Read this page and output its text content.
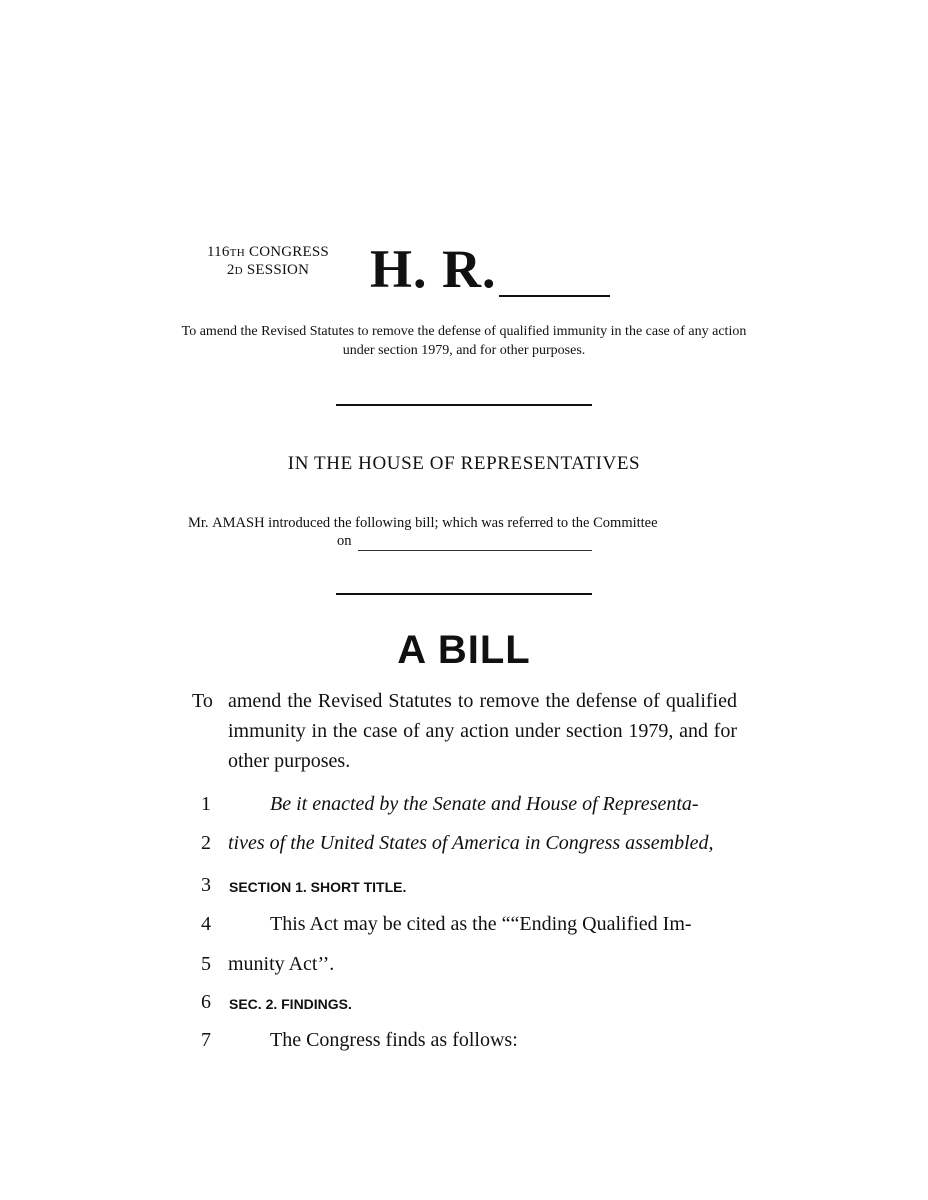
116TH CONGRESS
2D SESSION	H. R.
To amend the Revised Statutes to remove the defense of qualified immunity in the case of any action under section 1979, and for other purposes.
IN THE HOUSE OF REPRESENTATIVES
Mr. AMASH introduced the following bill; which was referred to the Committee
on
A BILL
To amend the Revised Statutes to remove the defense of qualified immunity in the case of any action under section 1979, and for other purposes.
1	Be it enacted by the Senate and House of Representa-
2 tives of the United States of America in Congress assembled,
3	SECTION 1. SHORT TITLE.
4	This Act may be cited as the ““Ending Qualified Im-
5 munity Act’’.
6	SEC. 2. FINDINGS.
7	The Congress finds as follows:
